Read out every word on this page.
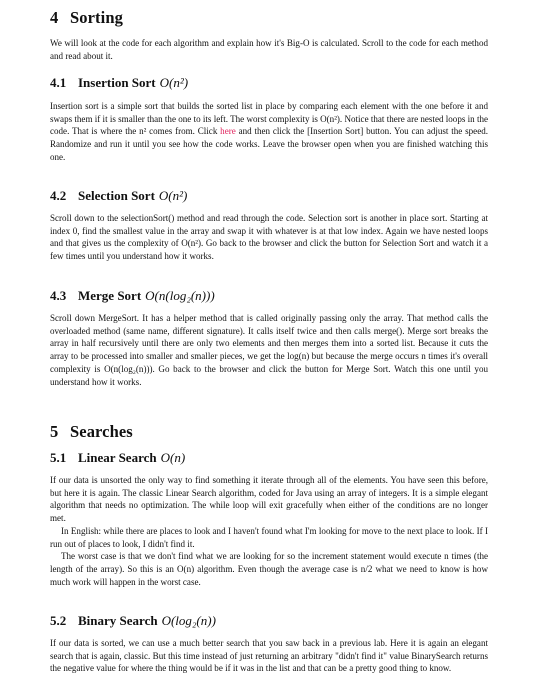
4 Sorting

We will look at the code for each algorithm and explain how it's Big-O is calculated. Scroll to the code for each method and read about it.

4.1 Insertion Sort O(n²)

Insertion sort is a simple sort that builds the sorted list in place by comparing each element with the one before it and swaps them if it is smaller than the one to its left. The worst complexity is O(n²). Notice that there are nested loops in the code. That is where the n² comes from. Click here and then click the [Insertion Sort] button. You can adjust the speed. Randomize and run it until you see how the code works. Leave the browser open when you are finished watching this one.

4.2 Selection Sort O(n²)

Scroll down to the selectionSort() method and read through the code. Selection sort is another in place sort. Starting at index 0, find the smallest value in the array and swap it with whatever is at that low index. Again we have nested loops and that gives us the complexity of O(n²). Go back to the browser and click the button for Selection Sort and watch it a few times until you understand how it works.

4.3 Merge Sort O(n(log₂(n)))

Scroll down MergeSort. It has a helper method that is called originally passing only the array. That method calls the overloaded method (same name, different signature). It calls itself twice and then calls merge(). Merge sort breaks the array in half recursively until there are only two elements and then merges them into a sorted list. Because it cuts the array to be processed into smaller and smaller pieces, we get the log(n) but because the merge occurs n times it's overall complexity is O(n(log₂(n))). Go back to the browser and click the button for Merge Sort. Watch this one until you understand how it works.

5 Searches
5.1 Linear Search O(n)

If our data is unsorted the only way to find something it iterate through all of the elements. You have seen this before, but here it is again. The classic Linear Search algorithm, coded for Java using an array of integers. It is a simple elegant algorithm that needs no optimization. The while loop will exit gracefully when either of the conditions are no longer met.

In English: while there are places to look and I haven't found what I'm looking for move to the next place to look. If I run out of places to look, I didn't find it.

The worst case is that we don't find what we are looking for so the increment statement would execute n times (the length of the array). So this is an O(n) algorithm. Even though the average case is n/2 what we need to know is how much work will happen in the worst case.

5.2 Binary Search O(log₂(n))

If our data is sorted, we can use a much better search that you saw back in a previous lab. Here it is again an elegant search that is again, classic. But this time instead of just returning an arbitrary "didn't find it" value BinarySearch returns the negative value for where the thing would be if it was in the list and that can be a pretty good thing to know.
